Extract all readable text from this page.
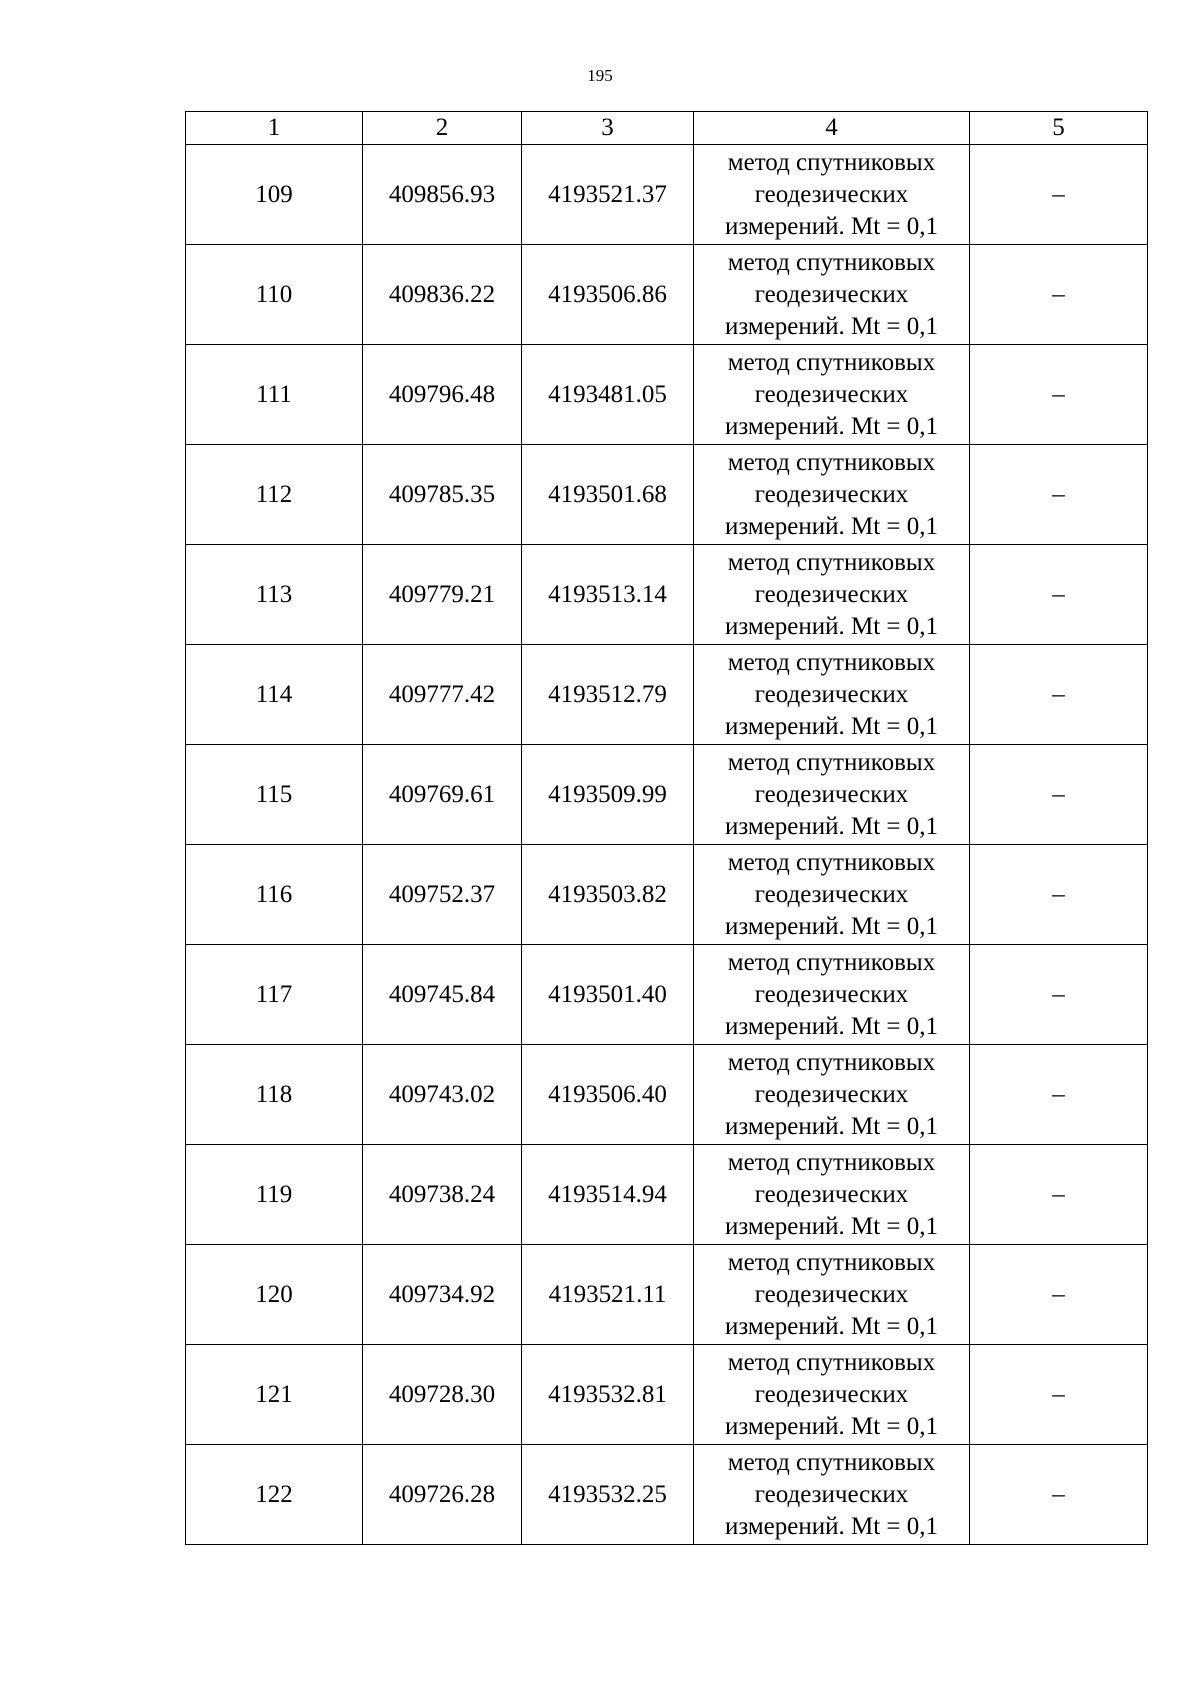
195
1	2	3	4	5
109	409856.93	4193521.37	метод спутниковых
геодезических
измерений. Mt = 0,1	–
110	409836.22	4193506.86	метод спутниковых
геодезических
измерений. Mt = 0,1	–
111	409796.48	4193481.05	метод спутниковых
геодезических
измерений. Mt = 0,1	–
112	409785.35	4193501.68	метод спутниковых
геодезических
измерений. Mt = 0,1	–
113	409779.21	4193513.14	метод спутниковых
геодезических
измерений. Mt = 0,1	–
114	409777.42	4193512.79	метод спутниковых
геодезических
измерений. Mt = 0,1	–
115	409769.61	4193509.99	метод спутниковых
геодезических
измерений. Mt = 0,1	–
116	409752.37	4193503.82	метод спутниковых
геодезических
измерений. Mt = 0,1	–
117	409745.84	4193501.40	метод спутниковых
геодезических
измерений. Mt = 0,1	–
118	409743.02	4193506.40	метод спутниковых
геодезических
измерений. Mt = 0,1	–
119	409738.24	4193514.94	метод спутниковых
геодезических
измерений. Mt = 0,1	–
120	409734.92	4193521.11	метод спутниковых
геодезических
измерений. Mt = 0,1	–
121	409728.30	4193532.81	метод спутниковых
геодезических
измерений. Mt = 0,1	–
122	409726.28	4193532.25	метод спутниковых
геодезических
измерений. Mt = 0,1	–
